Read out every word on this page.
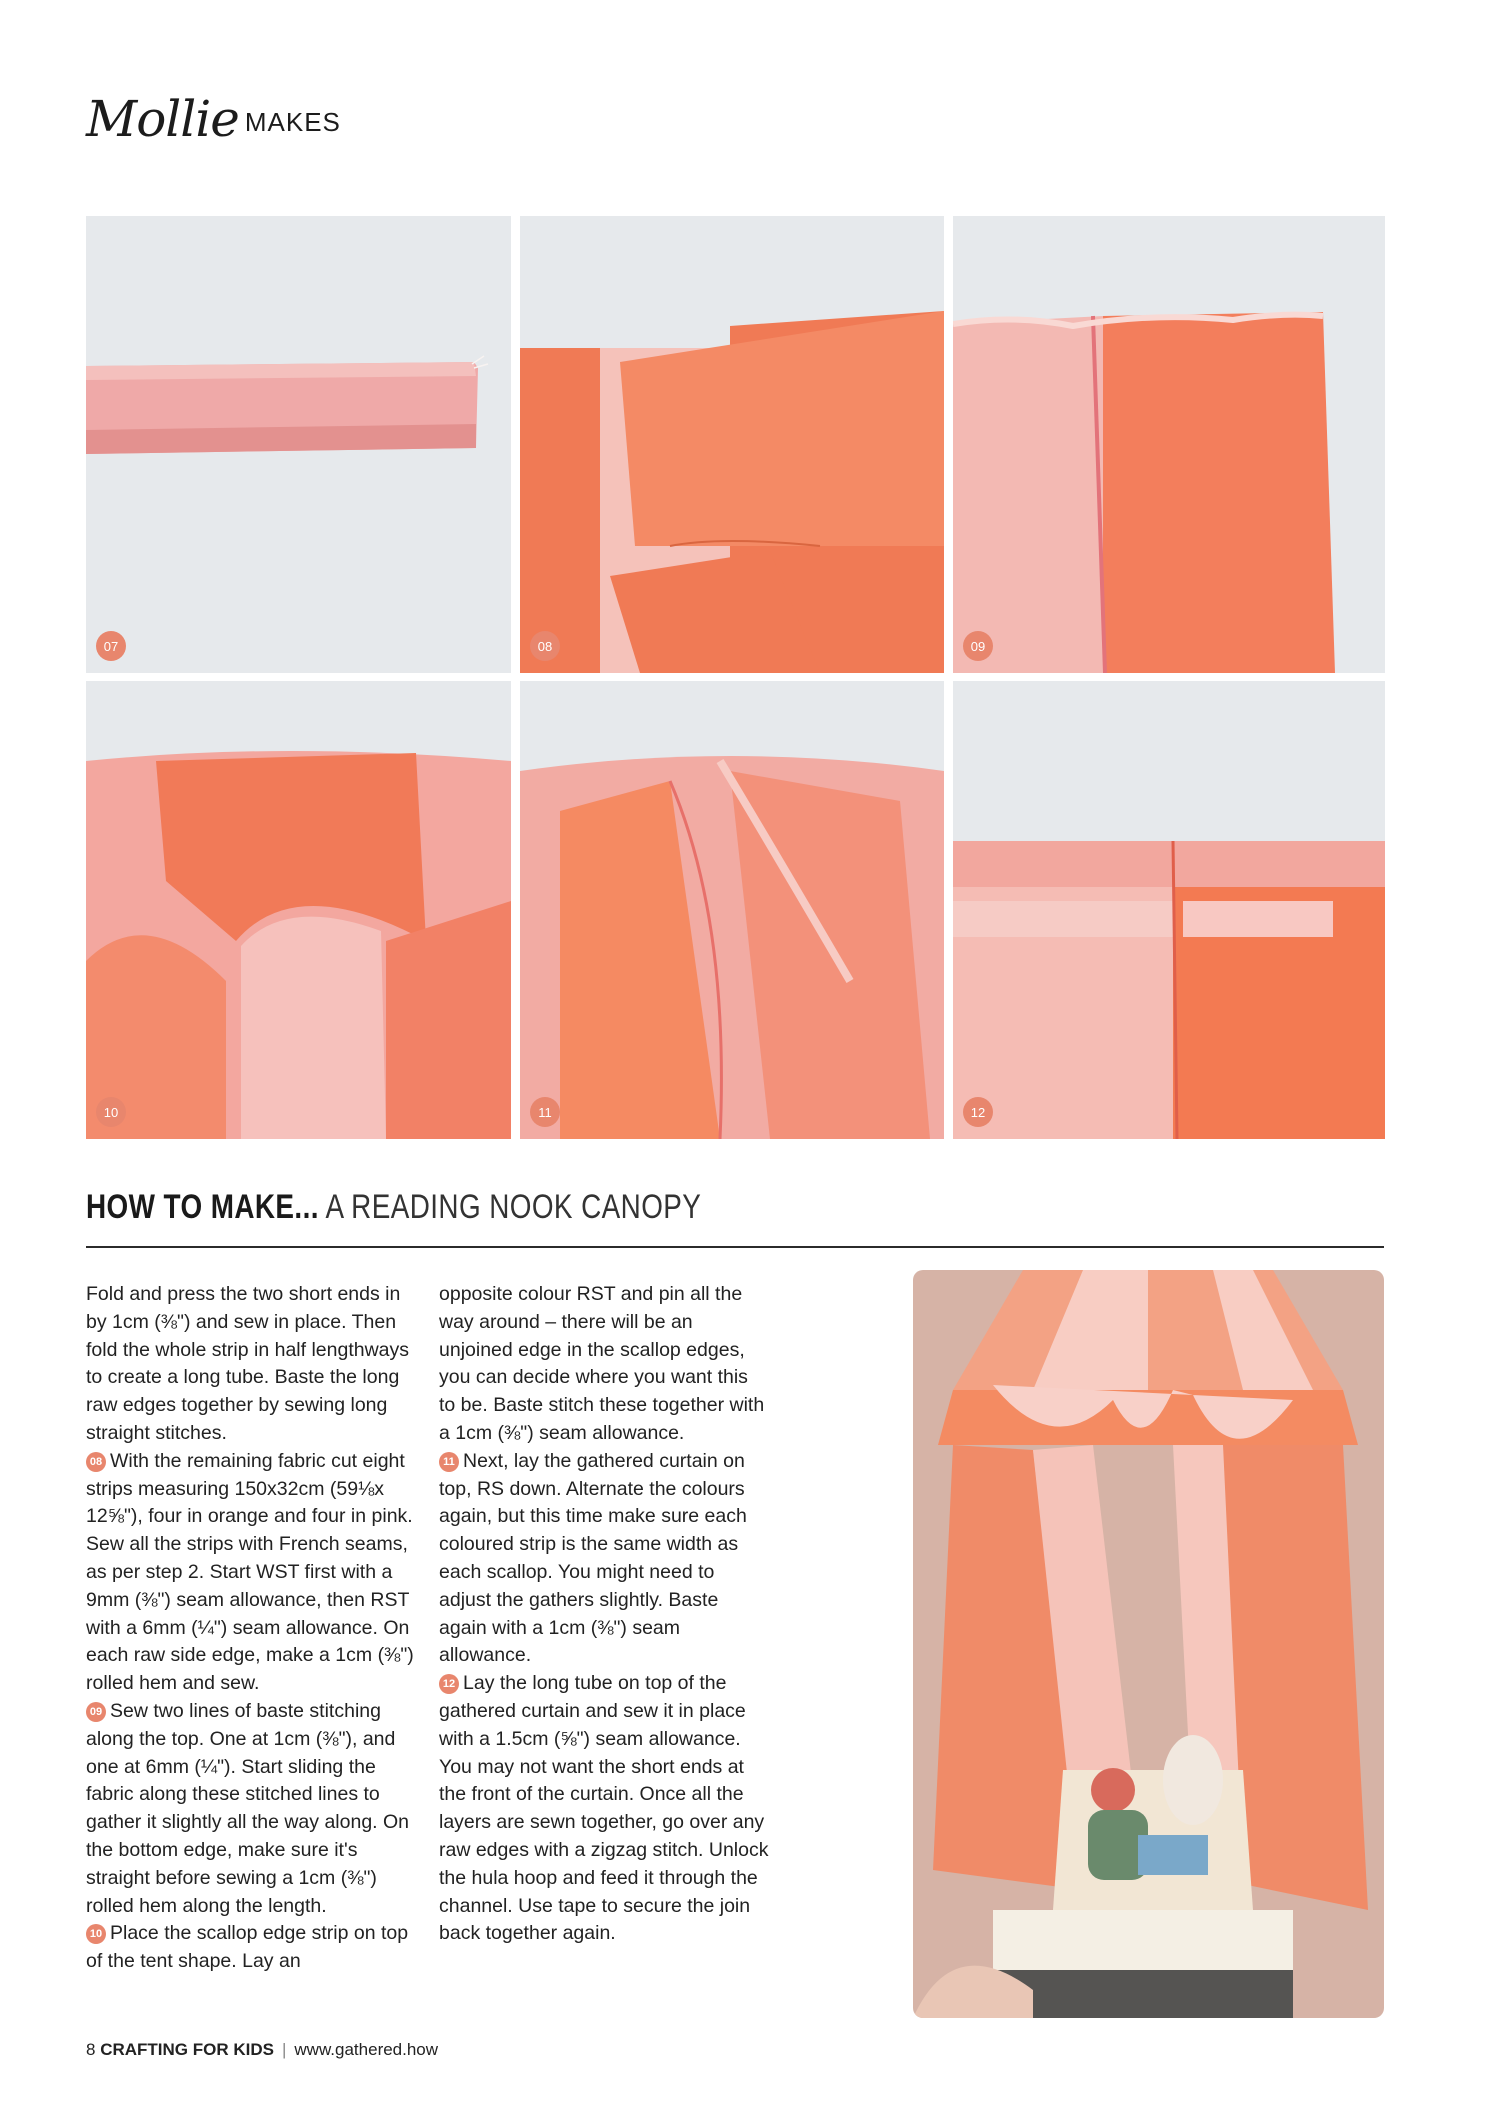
Mollie MAKES
07	08	09
10	11	12
HOW TO MAKE... A READING NOOK CANOPY

Fold and press the two short ends in by 1cm (⅜") and sew in place. Then fold the whole strip in half lengthways to create a long tube. Baste the long raw edges together by sewing long straight stitches.

08 With the remaining fabric cut eight strips measuring 150x32cm (59⅛x 12⅝"), four in orange and four in pink. Sew all the strips with French seams, as per step 2. Start WST first with a 9mm (⅜") seam allowance, then RST with a 6mm (¼") seam allowance. On each raw side edge, make a 1cm (⅜") rolled hem and sew.

09 Sew two lines of baste stitching along the top. One at 1cm (⅜"), and one at 6mm (¼"). Start sliding the fabric along these stitched lines to gather it slightly all the way along. On the bottom edge, make sure it's straight before sewing a 1cm (⅜") rolled hem along the length.

10 Place the scallop edge strip on top of the tent shape. Lay an

opposite colour RST and pin all the way around – there will be an unjoined edge in the scallop edges, you can decide where you want this to be. Baste stitch these together with a 1cm (⅜") seam allowance.

11 Next, lay the gathered curtain on top, RS down. Alternate the colours again, but this time make sure each coloured strip is the same width as each scallop. You might need to adjust the gathers slightly. Baste again with a 1cm (⅜") seam allowance.

12 Lay the long tube on top of the gathered curtain and sew it in place with a 1.5cm (⅝") seam allowance. You may not want the short ends at the front of the curtain. Once all the layers are sewn together, go over any raw edges with a zigzag stitch. Unlock the hula hoop and feed it through the channel. Use tape to secure the join back together again.

8 CRAFTING FOR KIDS | www.gathered.how
